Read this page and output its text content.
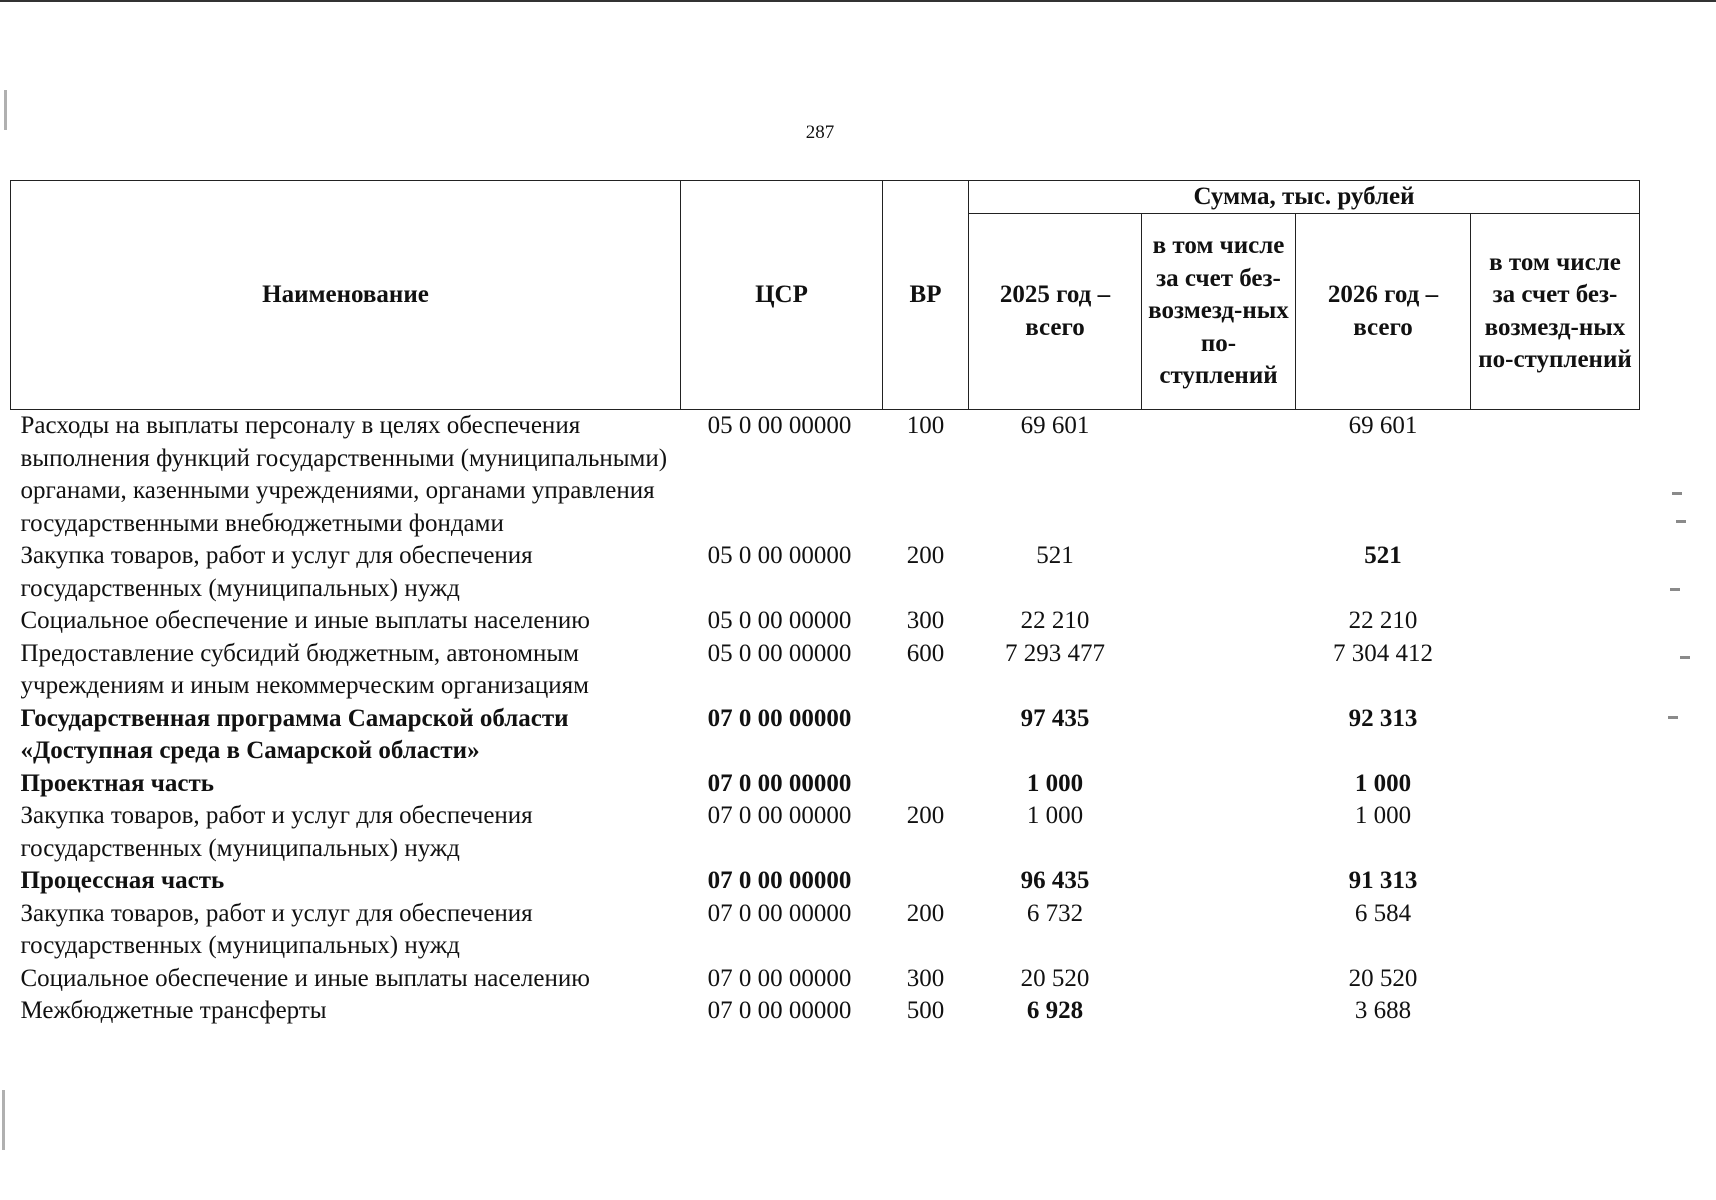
287
Наименование	ЦСР	ВР	Сумма, тыс. рублей			
			2025 год – всего	в том числе за счет без-возмезд-ных по-ступлений	2026 год – всего	в том числе за счет без-возмезд-ных по-ступлений
Расходы на выплаты персоналу в целях обеспечения выполнения функций государственными (муниципальными) органами, казенными учреждениями, органами управления государственными внебюджетными фондами	05 0 00 00000	100	69 601		69 601	
Закупка товаров, работ и услуг для обеспечения государственных (муниципальных) нужд	05 0 00 00000	200	521		521	
Социальное обеспечение и иные выплаты населению	05 0 00 00000	300	22 210		22 210	
Предоставление субсидий бюджетным, автономным учреждениям и иным некоммерческим организациям	05 0 00 00000	600	7 293 477		7 304 412	
Государственная программа Самарской области «Доступная среда в Самарской области»	07 0 00 00000		97 435		92 313	
Проектная часть	07 0 00 00000		1 000		1 000	
Закупка товаров, работ и услуг для обеспечения государственных (муниципальных) нужд	07 0 00 00000	200	1 000		1 000	
Процессная часть	07 0 00 00000		96 435		91 313	
Закупка товаров, работ и услуг для обеспечения государственных (муниципальных) нужд	07 0 00 00000	200	6 732		6 584	
Социальное обеспечение и иные выплаты населению	07 0 00 00000	300	20 520		20 520	
Межбюджетные трансферты	07 0 00 00000	500	6 928		3 688	
